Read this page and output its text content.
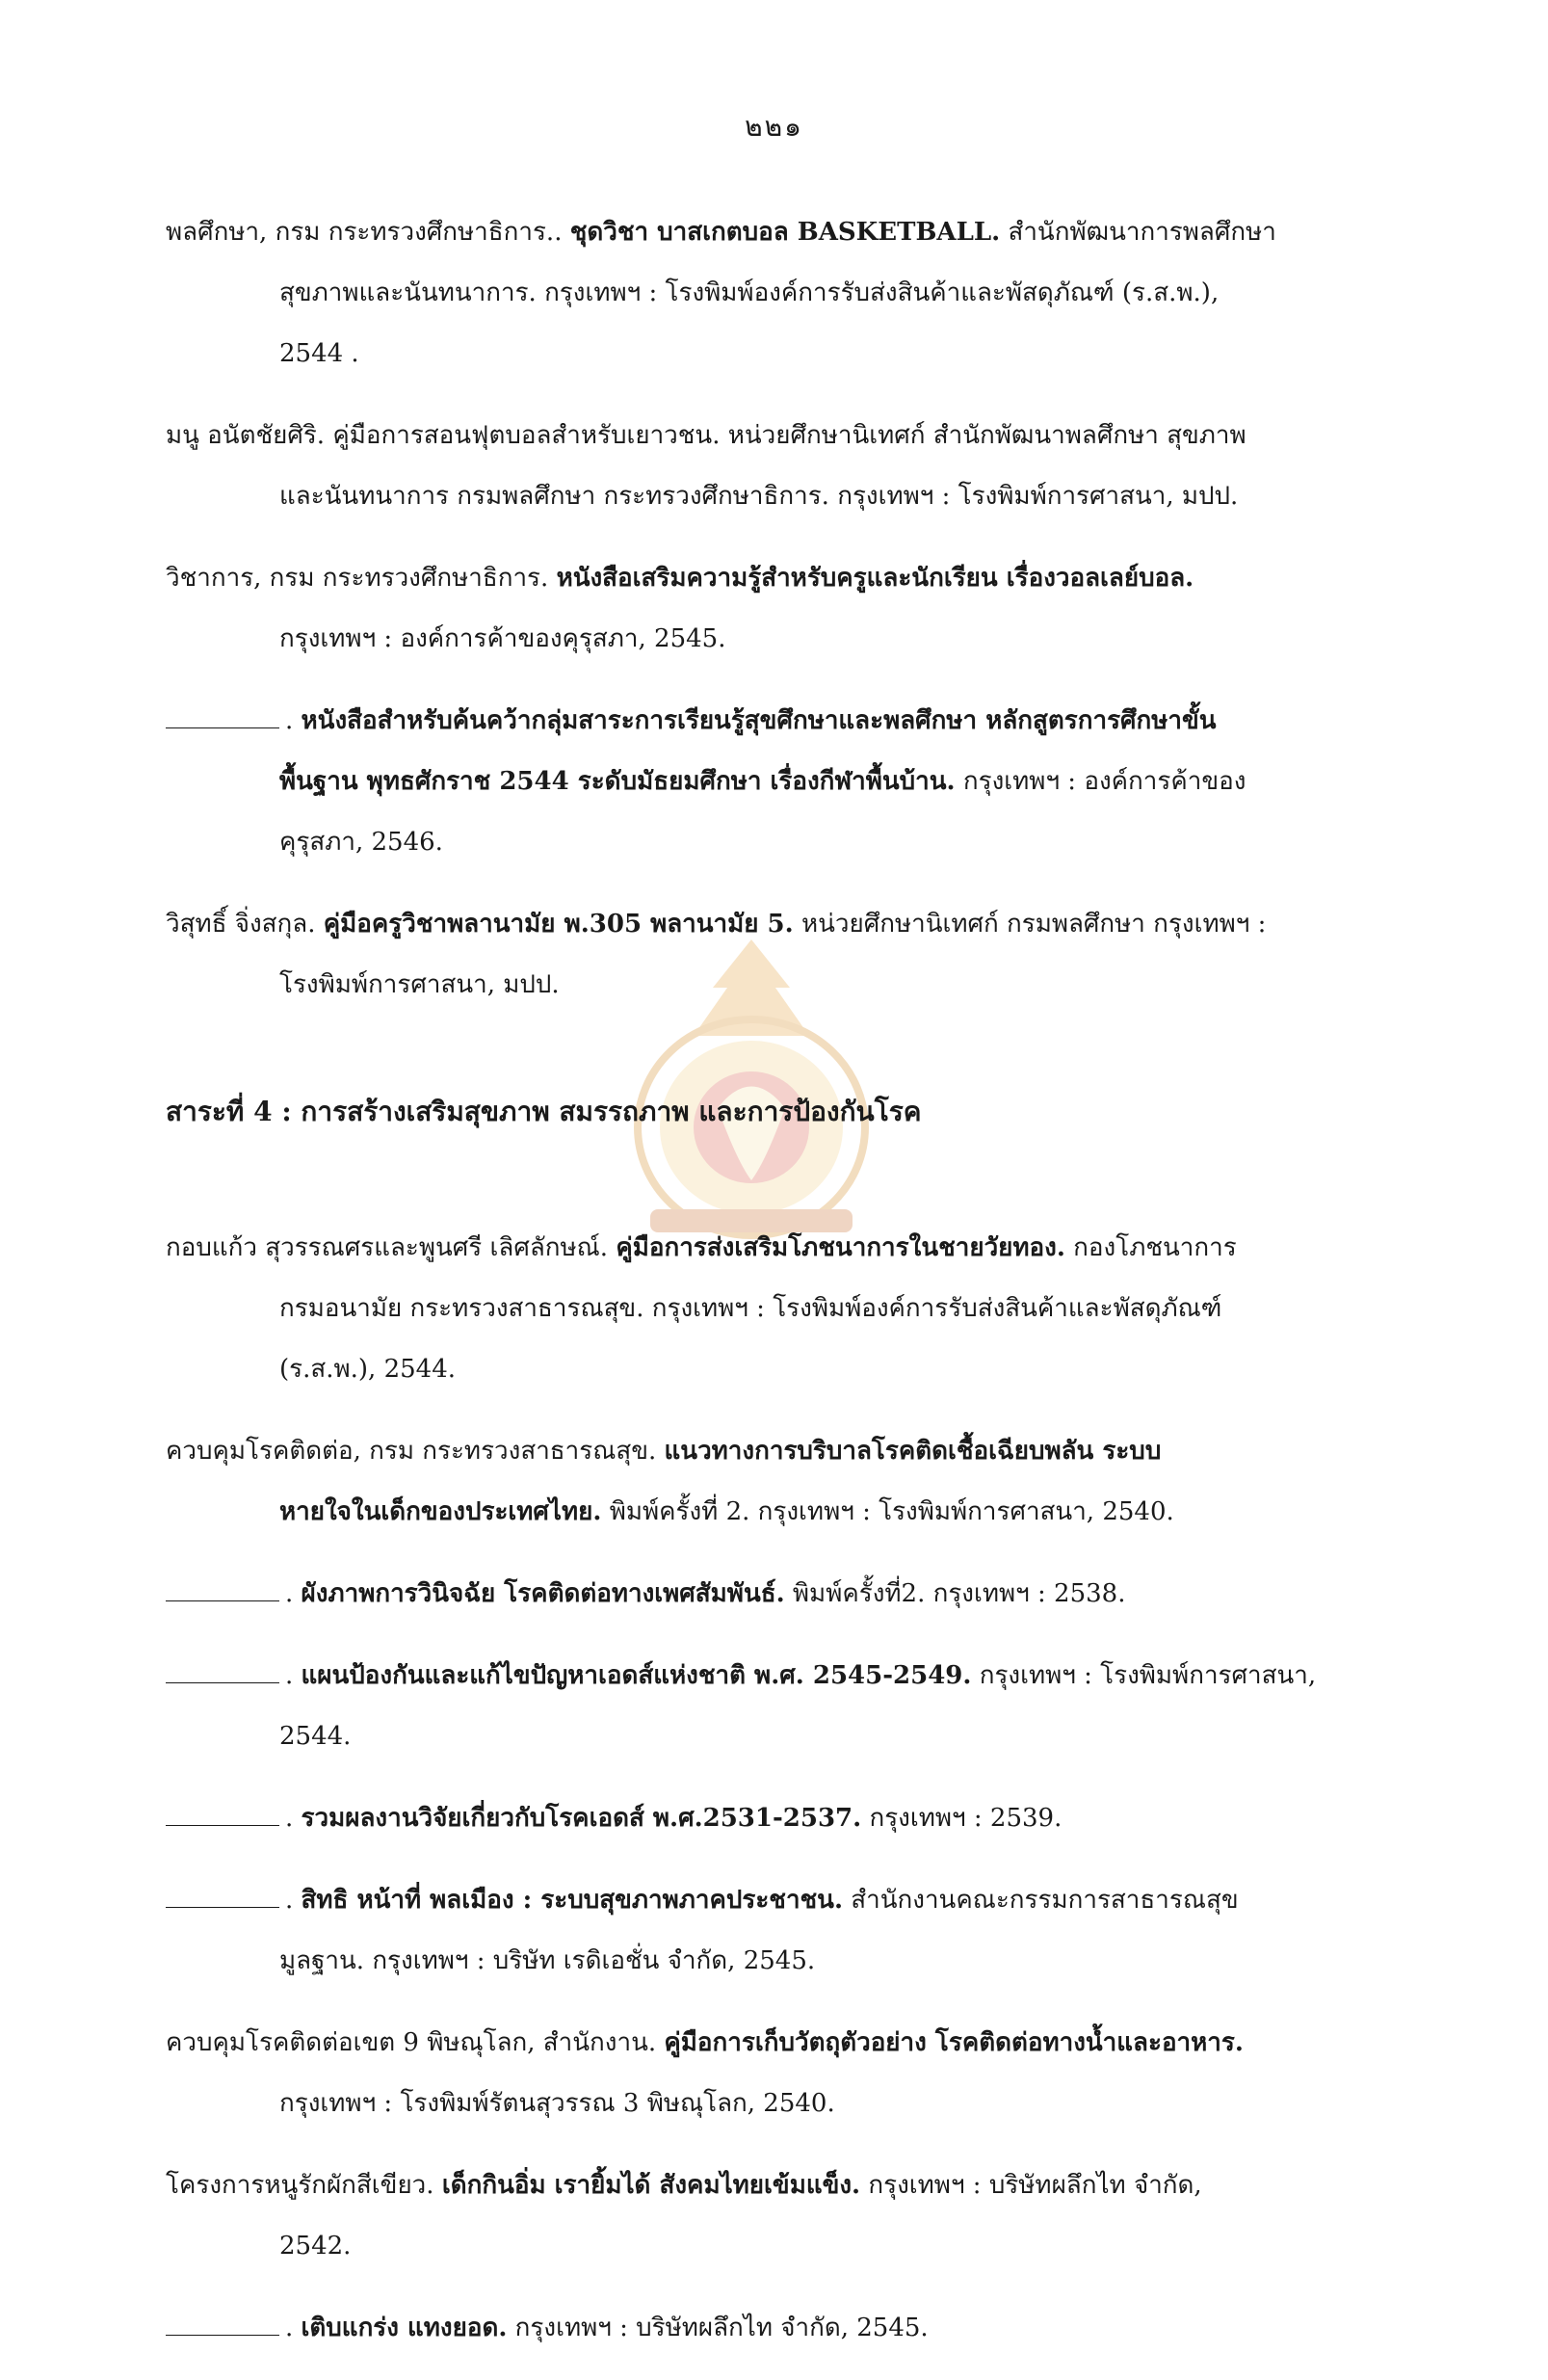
๒๒๑
พลศึกษา, กรม กระทรวงศึกษาธิการ.. ชุดวิชา บาสเกตบอล BASKETBALL. สำนักพัฒนาการพลศึกษา
สุขภาพและนันทนาการ. กรุงเทพฯ : โรงพิมพ์องค์การรับส่งสินค้าและพัสดุภัณฑ์ (ร.ส.พ.),
2544 .
มนู อนัตชัยศิริ. คู่มือการสอนฟุตบอลสำหรับเยาวชน. หน่วยศึกษานิเทศก์ สำนักพัฒนาพลศึกษา สุขภาพ
และนันทนาการ กรมพลศึกษา กระทรวงศึกษาธิการ. กรุงเทพฯ : โรงพิมพ์การศาสนา, มปป.
วิชาการ, กรม กระทรวงศึกษาธิการ. หนังสือเสริมความรู้สำหรับครูและนักเรียน เรื่องวอลเลย์บอล.
กรุงเทพฯ : องค์การค้าของคุรุสภา, 2545.
. หนังสือสำหรับค้นคว้ากลุ่มสาระการเรียนรู้สุขศึกษาและพลศึกษา หลักสูตรการศึกษาขั้น
พื้นฐาน พุทธศักราช 2544 ระดับมัธยมศึกษา เรื่องกีฬาพื้นบ้าน. กรุงเทพฯ : องค์การค้าของ
คุรุสภา, 2546.
วิสุทธิ์ จิ่งสกุล. คู่มือครูวิชาพลานามัย พ.305 พลานามัย 5. หน่วยศึกษานิเทศก์ กรมพลศึกษา กรุงเทพฯ :
โรงพิมพ์การศาสนา, มปป.
สาระที่ 4 : การสร้างเสริมสุขภาพ สมรรถภาพ และการป้องกันโรค
กอบแก้ว สุวรรณศรและพูนศรี เลิศลักษณ์. คู่มือการส่งเสริมโภชนาการในชายวัยทอง. กองโภชนาการ
กรมอนามัย กระทรวงสาธารณสุข. กรุงเทพฯ : โรงพิมพ์องค์การรับส่งสินค้าและพัสดุภัณฑ์
(ร.ส.พ.), 2544.
ควบคุมโรคติดต่อ, กรม กระทรวงสาธารณสุข. แนวทางการบริบาลโรคติดเชื้อเฉียบพลัน ระบบ
หายใจในเด็กของประเทศไทย. พิมพ์ครั้งที่ 2. กรุงเทพฯ : โรงพิมพ์การศาสนา, 2540.
. ผังภาพการวินิจฉัย โรคติดต่อทางเพศสัมพันธ์. พิมพ์ครั้งที่2. กรุงเทพฯ : 2538.
. แผนป้องกันและแก้ไขปัญหาเอดส์แห่งชาติ พ.ศ. 2545-2549. กรุงเทพฯ : โรงพิมพ์การศาสนา,
2544.
. รวมผลงานวิจัยเกี่ยวกับโรคเอดส์ พ.ศ.2531-2537. กรุงเทพฯ : 2539.
. สิทธิ หน้าที่ พลเมือง : ระบบสุขภาพภาคประชาชน. สำนักงานคณะกรรมการสาธารณสุข
มูลฐาน. กรุงเทพฯ : บริษัท เรดิเอชั่น จำกัด, 2545.
ควบคุมโรคติดต่อเขต 9 พิษณุโลก, สำนักงาน. คู่มือการเก็บวัตถุตัวอย่าง โรคติดต่อทางน้ำและอาหาร.
กรุงเทพฯ : โรงพิมพ์รัตนสุวรรณ 3 พิษณุโลก, 2540.
โครงการหนูรักผักสีเขียว. เด็กกินอิ่ม เรายิ้มได้ สังคมไทยเข้มแข็ง. กรุงเทพฯ : บริษัทผลึกไท จำกัด,
2542.
. เติบแกร่ง แทงยอด. กรุงเทพฯ : บริษัทผลึกไท จำกัด, 2545.
